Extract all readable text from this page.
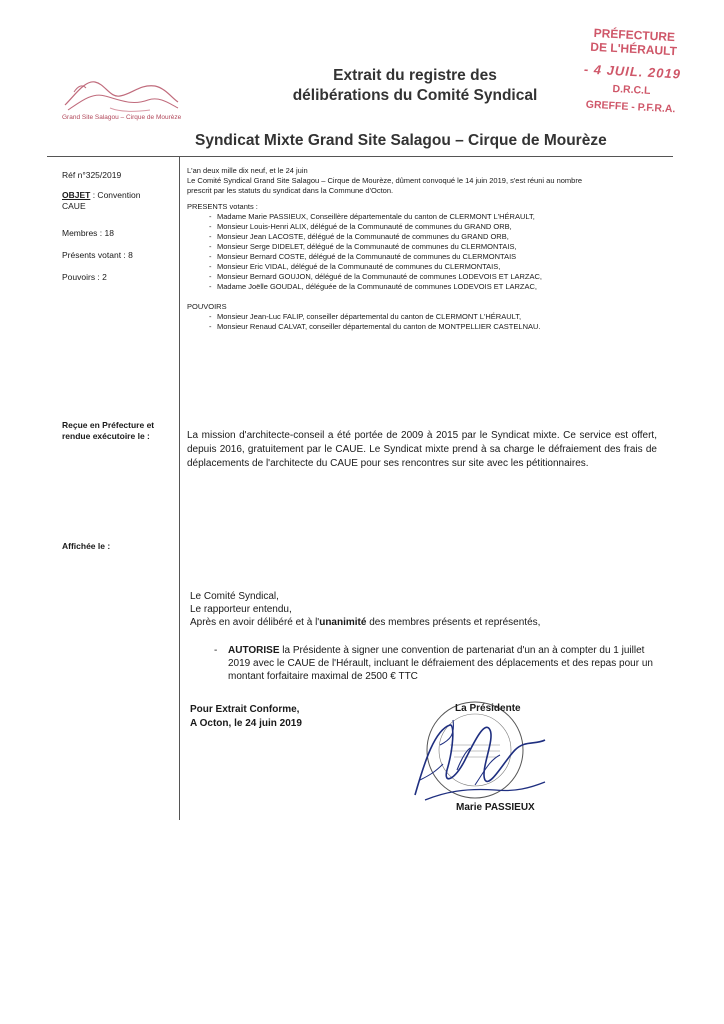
Grand Site Salagou – Cirque de Mourèze
Extrait du registre des
délibérations du Comité Syndical
PRÉFECTURE
DE L'HÉRAULT
- 4 JUIL. 2019
D.R.C.L
GREFFE - P.F.R.A.
Syndicat Mixte Grand Site Salagou – Cirque de Mourèze
Réf n°325/2019
OBJET : Convention
CAUE
Membres : 18
Présents votant : 8
Pouvoirs : 2
Reçue en Préfecture et
rendue exécutoire le :
Affichée le :

L'an deux mille dix neuf, et le 24 juin

Le Comité Syndical Grand Site Salagou – Cirque de Mourèze, dûment convoqué le 14 juin 2019, s'est réuni au nombre

prescrit par les statuts du syndicat dans la Commune d'Octon.

PRESENTS votants :

- Madame Marie PASSIEUX, Conseillère départementale du canton de CLERMONT L'HÉRAULT,
- Monsieur Louis-Henri ALIX, délégué de la Communauté de communes du GRAND ORB,
- Monsieur Jean LACOSTE, délégué de la Communauté de communes du GRAND ORB,
- Monsieur Serge DIDELET, délégué de la Communauté de communes du CLERMONTAIS,
- Monsieur Bernard COSTE, délégué de la Communauté de communes du CLERMONTAIS
- Monsieur Eric VIDAL, délégué de la Communauté de communes du CLERMONTAIS,
- Monsieur Bernard GOUJON, délégué de la Communauté de communes LODEVOIS ET LARZAC,
- Madame Joëlle GOUDAL, déléguée de la Communauté de communes LODEVOIS ET LARZAC,

POUVOIRS

- Monsieur Jean-Luc FALIP, conseiller départemental du canton de CLERMONT L'HÉRAULT,
- Monsieur Renaud CALVAT, conseiller départemental du canton de MONTPELLIER CASTELNAU.
La mission d'architecte-conseil a été portée de 2009 à 2015 par le Syndicat mixte. Ce service est offert, depuis 2016, gratuitement par le CAUE. Le Syndicat mixte prend à sa charge le défraiement des frais de déplacements de l'architecte du CAUE pour ses rencontres sur site avec les pétitionnaires.
Le Comité Syndical,
Le rapporteur entendu,
Après en avoir délibéré et à l'unanimité des membres présents et représentés,
- AUTORISE la Présidente à signer une convention de partenariat d'un an à compter du 1 juillet 2019 avec le CAUE de l'Hérault, incluant le défraiement des déplacements et des repas pour un montant forfaitaire maximal de 2500 € TTC
Pour Extrait Conforme,
A Octon, le 24 juin 2019
La Présidente
Marie PASSIEUX
